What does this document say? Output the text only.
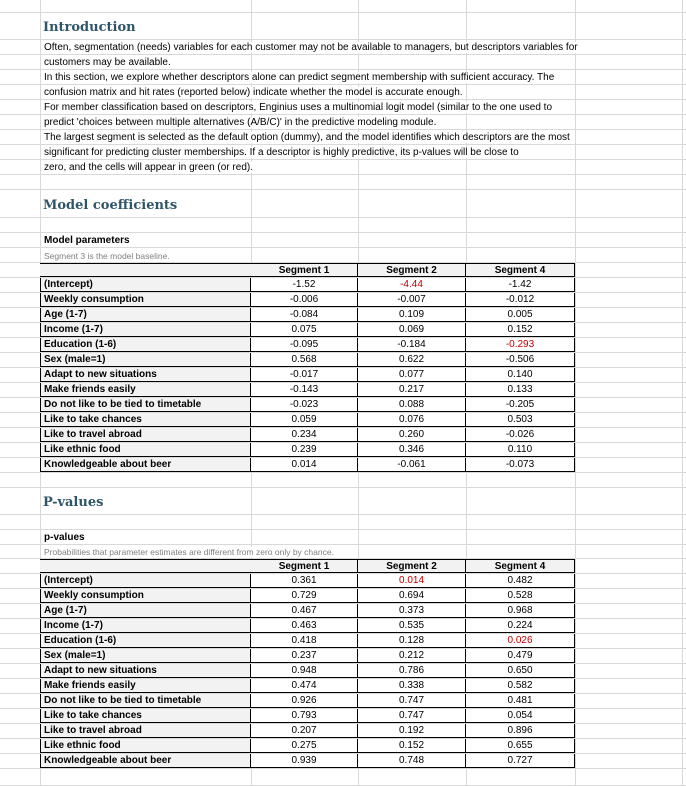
Introduction
Often, segmentation (needs) variables for each customer may not be available to managers, but descriptors variables for
customers may be available.
In this section, we explore whether descriptors alone can predict segment membership with sufficient accuracy. The
confusion matrix and hit rates (reported below) indicate whether the model is accurate enough.
For member classification based on descriptors, Enginius uses a multinomial logit model (similar to the one used to
predict 'choices between multiple alternatives (A/B/C)' in the predictive modeling module.
The largest segment is selected as the default option (dummy), and the model identifies which descriptors are the most
significant for predicting cluster memberships. If a descriptor is highly predictive, its p-values will be close to
zero, and the cells will appear in green (or red).
Model coefficients
Model parameters
Segment 3 is the model baseline.
Segment 1	Segment 2	Segment 4
(Intercept)	-1.52	-4.44	-1.42
Weekly consumption	-0.006	-0.007	-0.012
Age (1-7)	-0.084	0.109	0.005
Income (1-7)	0.075	0.069	0.152
Education (1-6)	-0.095	-0.184	-0.293
Sex (male=1)	0.568	0.622	-0.506
Adapt to new situations	-0.017	0.077	0.140
Make friends easily	-0.143	0.217	0.133
Do not like to be tied to timetable	-0.023	0.088	-0.205
Like to take chances	0.059	0.076	0.503
Like to travel abroad	0.234	0.260	-0.026
Like ethnic food	0.239	0.346	0.110
Knowledgeable about beer	0.014	-0.061	-0.073
P-values
p-values
Probabilities that parameter estimates are different from zero only by chance.
Segment 1	Segment 2	Segment 4
(Intercept)	0.361	0.014	0.482
Weekly consumption	0.729	0.694	0.528
Age (1-7)	0.467	0.373	0.968
Income (1-7)	0.463	0.535	0.224
Education (1-6)	0.418	0.128	0.026
Sex (male=1)	0.237	0.212	0.479
Adapt to new situations	0.948	0.786	0.650
Make friends easily	0.474	0.338	0.582
Do not like to be tied to timetable	0.926	0.747	0.481
Like to take chances	0.793	0.747	0.054
Like to travel abroad	0.207	0.192	0.896
Like ethnic food	0.275	0.152	0.655
Knowledgeable about beer	0.939	0.748	0.727
